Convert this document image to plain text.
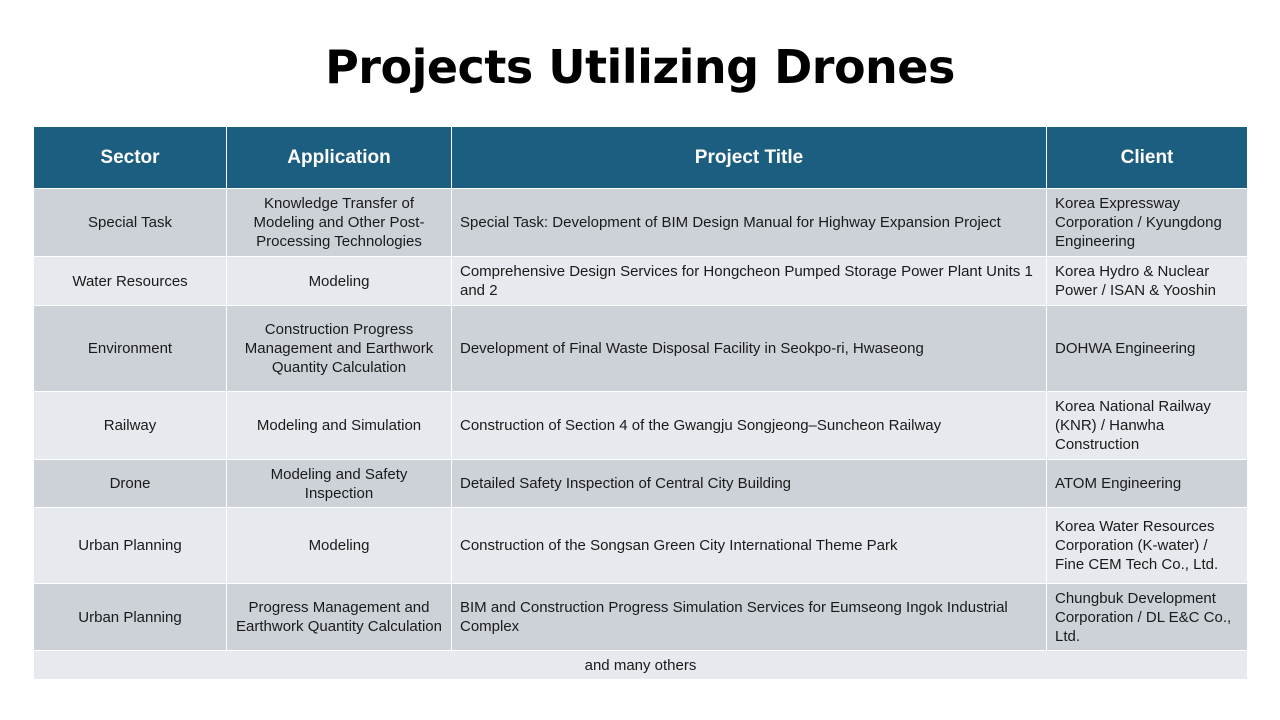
Projects Utilizing Drones
Sector	Application	Project Title	Client
Special Task	Knowledge Transfer of Modeling and Other Post-Processing Technologies	Special Task: Development of BIM Design Manual for Highway Expansion Project	Korea Expressway Corporation / Kyungdong Engineering
Water Resources	Modeling	Comprehensive Design Services for Hongcheon Pumped Storage Power Plant Units 1 and 2	Korea Hydro & Nuclear Power / ISAN & Yooshin
Environment	Construction Progress Management and Earthwork Quantity Calculation	Development of Final Waste Disposal Facility in Seokpo-ri, Hwaseong	DOHWA Engineering
Railway	Modeling and Simulation	Construction of Section 4 of the Gwangju Songjeong–Suncheon Railway	Korea National Railway (KNR) / Hanwha Construction
Drone	Modeling and Safety Inspection	Detailed Safety Inspection of Central City Building	ATOM Engineering
Urban Planning	Modeling	Construction of the Songsan Green City International Theme Park	Korea Water Resources Corporation (K-water) / Fine CEM Tech Co., Ltd.
Urban Planning	Progress Management and Earthwork Quantity Calculation	BIM and Construction Progress Simulation Services for Eumseong Ingok Industrial Complex	Chungbuk Development Corporation / DL E&C Co., Ltd.
and many others			
